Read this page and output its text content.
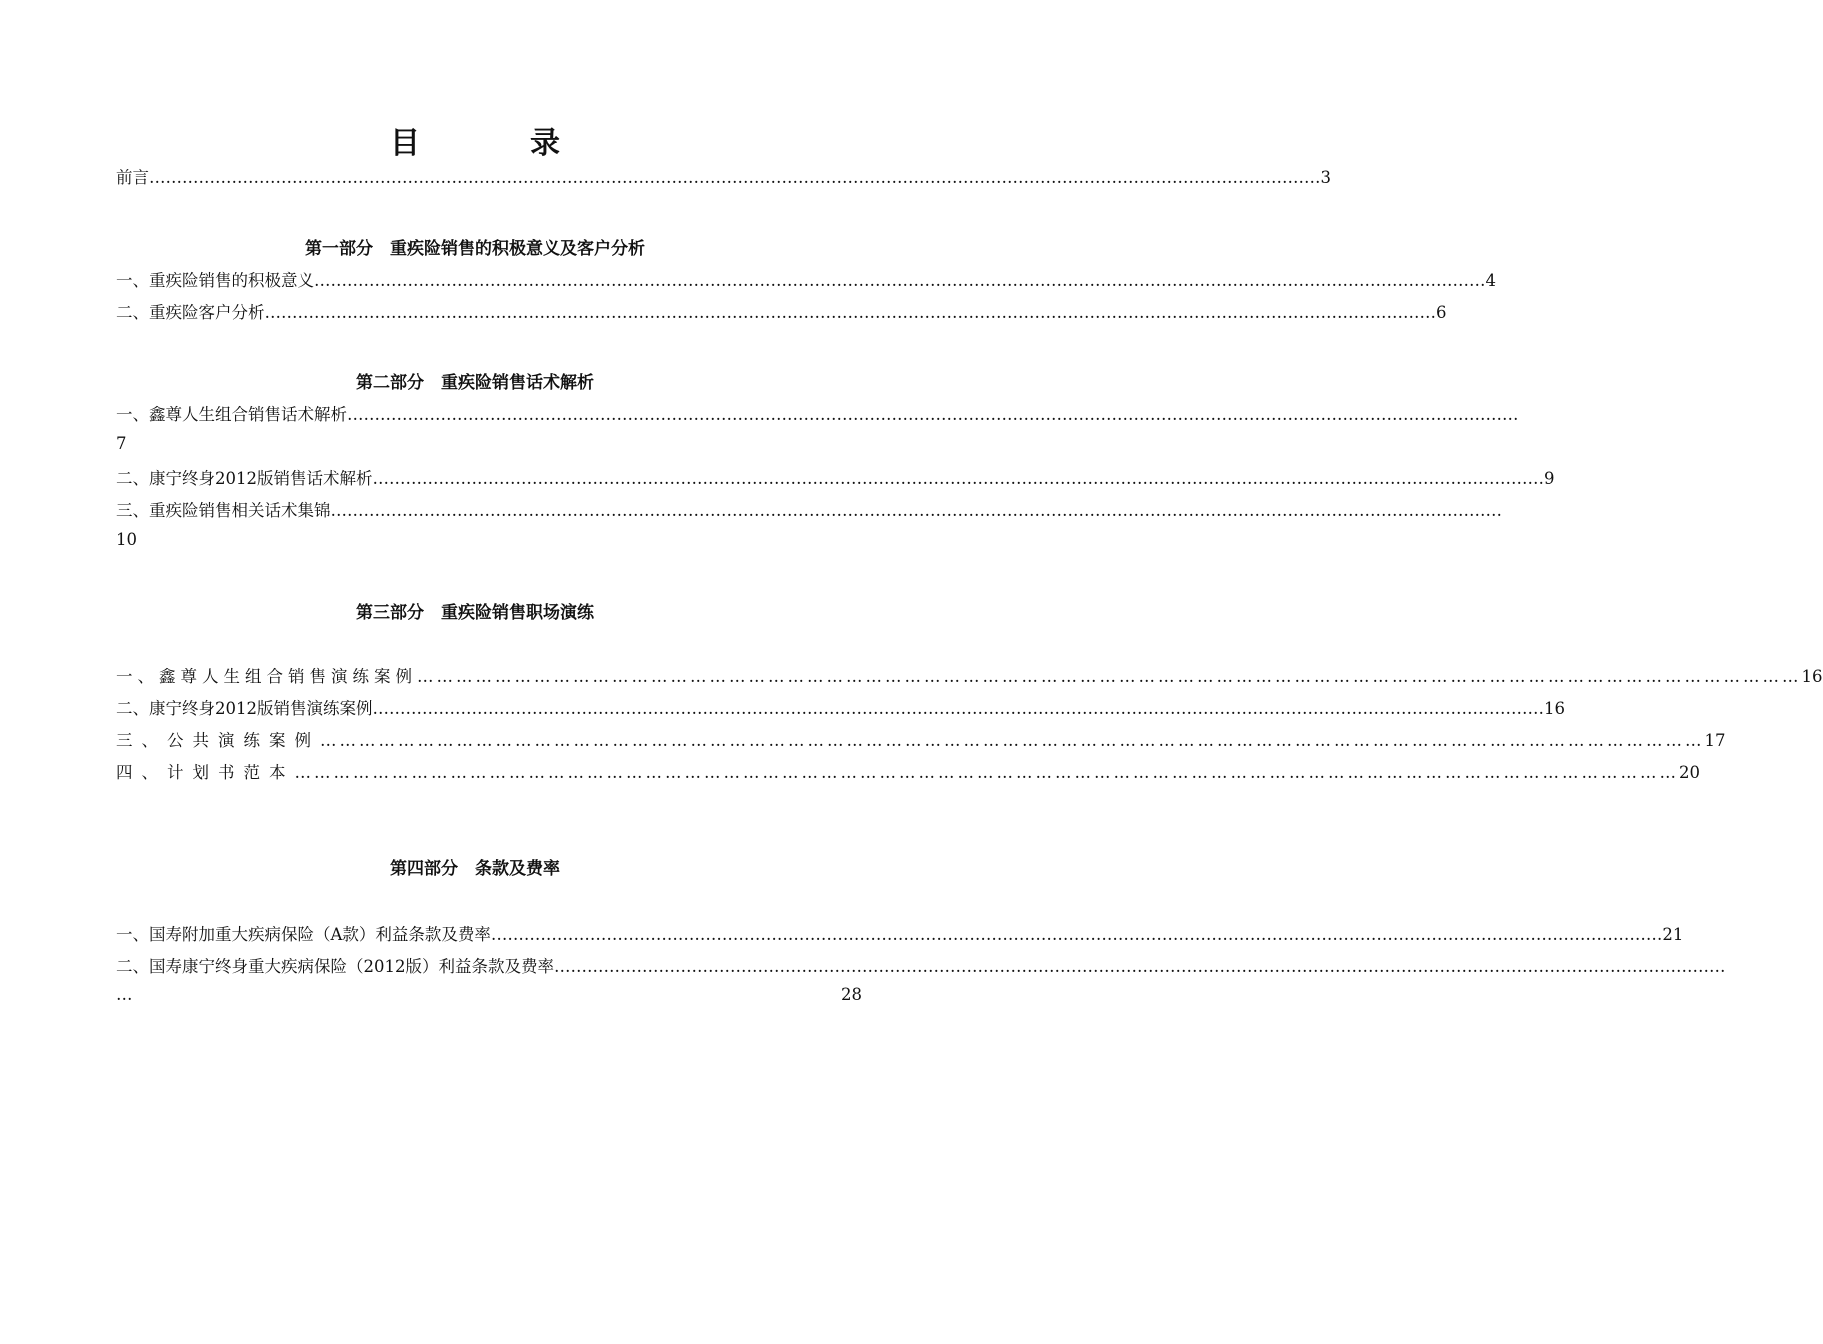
目　录
前言 …………………………………………………………………………………………………………………………………………………………………………………………… 3
第一部分　重疾险销售的积极意义及客户分析
一、重疾险销售的积极意义 …………………………………………………………………………………………………………………………………………………………………………………………… 4
二、重疾险客户分析 …………………………………………………………………………………………………………………………………………………………………………………………… 6
第二部分　重疾险销售话术解析
一、鑫尊人生组合销售话术解析 ……………………………………………………………………………………………………………………………………………………………………………………………
7
二、康宁终身2012版销售话术解析 …………………………………………………………………………………………………………………………………………………………………………………………… 9
三、重疾险销售相关话术集锦 ……………………………………………………………………………………………………………………………………………………………………………………………
10
第三部分　重疾险销售职场演练
一、鑫尊人生组合销售演练案例 …………………………………………………………………………………………………………………………………………………………………………………………… 16
二、康宁终身2012版销售演练案例 …………………………………………………………………………………………………………………………………………………………………………………………… 16
三、公共演练案例 …………………………………………………………………………………………………………………………………………………………………………………………… 17
四、计划书范本 …………………………………………………………………………………………………………………………………………………………………………………………… 20
第四部分　条款及费率
一、国寿附加重大疾病保险（A款）利益条款及费率 …………………………………………………………………………………………………………………………………………………………………………………………… 21
二、国寿康宁终身重大疾病保险（2012版）利益条款及费率 ……………………………………………………………………………………………………………………………………………………………………………………………
…	28
